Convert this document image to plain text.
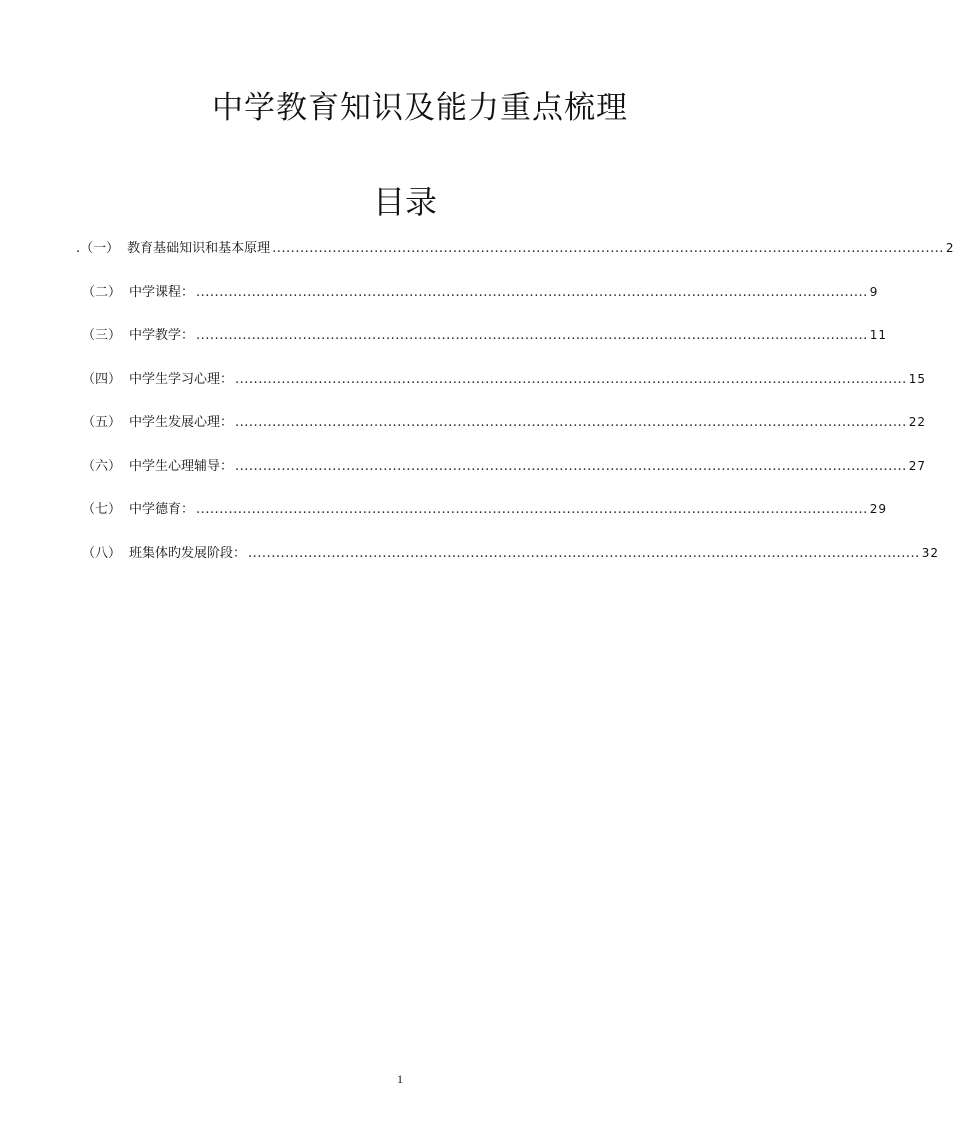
中学教育知识及能力重点梳理
目录
.（一） 教育基础知识和基本原理 ................................................................................................................................................. 2
（二） 中学课程： ................................................................................................................................................. 9
（三） 中学教学： ................................................................................................................................................. 11
（四） 中学生学习心理： ................................................................................................................................................. 15
（五） 中学生发展心理： ................................................................................................................................................. 22
（六） 中学生心理辅导： ................................................................................................................................................. 27
（七） 中学德育： ................................................................................................................................................. 29
（八） 班集体旳发展阶段： ................................................................................................................................................. 32
1
